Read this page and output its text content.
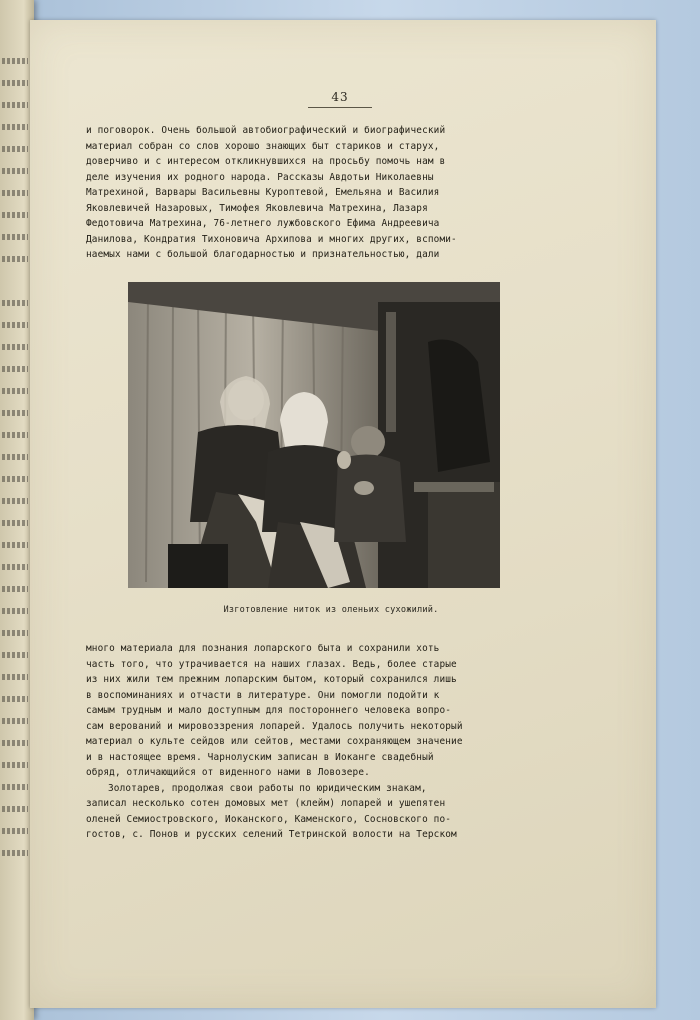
43
и поговорок. Очень большой автобиографический и биографический
материал собран со слов хорошо знающих быт стариков и старух,
доверчиво и с интересом откликнувшихся на просьбу помочь нам в
деле изучения их родного народа. Рассказы Авдотьи Николаевны
Матрехиной, Варвары Васильевны Куроптевой, Емельяна и Василия
Яковлевичей Назаровых, Тимофея Яковлевича Матрехина, Лазаря
Федотовича Матрехина, 76-летнего лужбовского Ефима Андреевича
Данилова, Кондратия Тихоновича Архипова и многих других, вспоми-
наемых нами с большой благодарностью и признательностью, дали
Изготовление ниток из оленьих сухожилий.
много материала для познания лопарского быта и сохранили хоть
часть того, что утрачивается на наших глазах. Ведь, более старые
из них жили тем прежним лопарским бытом, который сохранился лишь
в воспоминаниях и отчасти в литературе. Они помогли подойти к
самым трудным и мало доступным для постороннего человека вопро-
сам верований и мировоззрения лопарей. Удалось получить некоторый
материал о культе сейдов или сейтов, местами сохраняющем значение
и в настоящее время. Чарнолуским записан в Иоканге свадебный
обряд, отличающийся от виденного нами в Ловозере.
Золотарев, продолжая свои работы по юридическим знакам,
записал несколько сотен домовых мет (клейм) лопарей и ушепятен
оленей Семиостровского, Иоканского, Каменского, Сосновского по-
гостов, с. Понов и русских селений Тетринской волости на Терском
